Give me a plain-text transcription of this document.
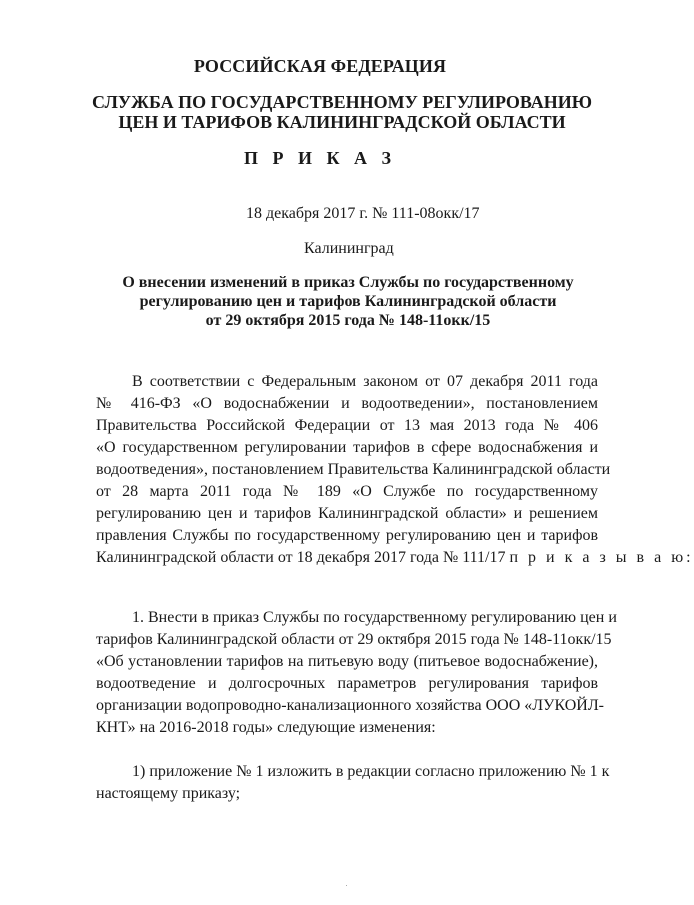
РОССИЙСКАЯ ФЕДЕРАЦИЯ
СЛУЖБА ПО ГОСУДАРСТВЕННОМУ РЕГУЛИРОВАНИЮ
ЦЕН И ТАРИФОВ КАЛИНИНГРАДСКОЙ ОБЛАСТИ
П Р И К А З
18 декабря 2017 г. № 111-08окк/17
Калининград
О внесении изменений в приказ Службы по государственному
регулированию цен и тарифов Калининградской области
от 29 октября 2015 года № 148-11окк/15
В соответствии с Федеральным законом от 07 декабря 2011 года
№ 416-ФЗ «О водоснабжении и водоотведении», постановлением
Правительства Российской Федерации от 13 мая 2013 года № 406
«О государственном регулировании тарифов в сфере водоснабжения и
водоотведения», постановлением Правительства Калининградской области
от 28 марта 2011 года № 189 «О Службе по государственному
регулированию цен и тарифов Калининградской области» и решением
правления Службы по государственному регулированию цен и тарифов
Калининградской области от 18 декабря 2017 года № 111/17 п р и к а з ы в а ю:
1. Внести в приказ Службы по государственному регулированию цен и
тарифов Калининградской области от 29 октября 2015 года № 148-11окк/15
«Об установлении тарифов на питьевую воду (питьевое водоснабжение),
водоотведение и долгосрочных параметров регулирования тарифов
организации водопроводно-канализационного хозяйства ООО «ЛУКОЙЛ-
КНТ» на 2016-2018 годы» следующие изменения:
1) приложение № 1 изложить в редакции согласно приложению № 1 к
настоящему приказу;
